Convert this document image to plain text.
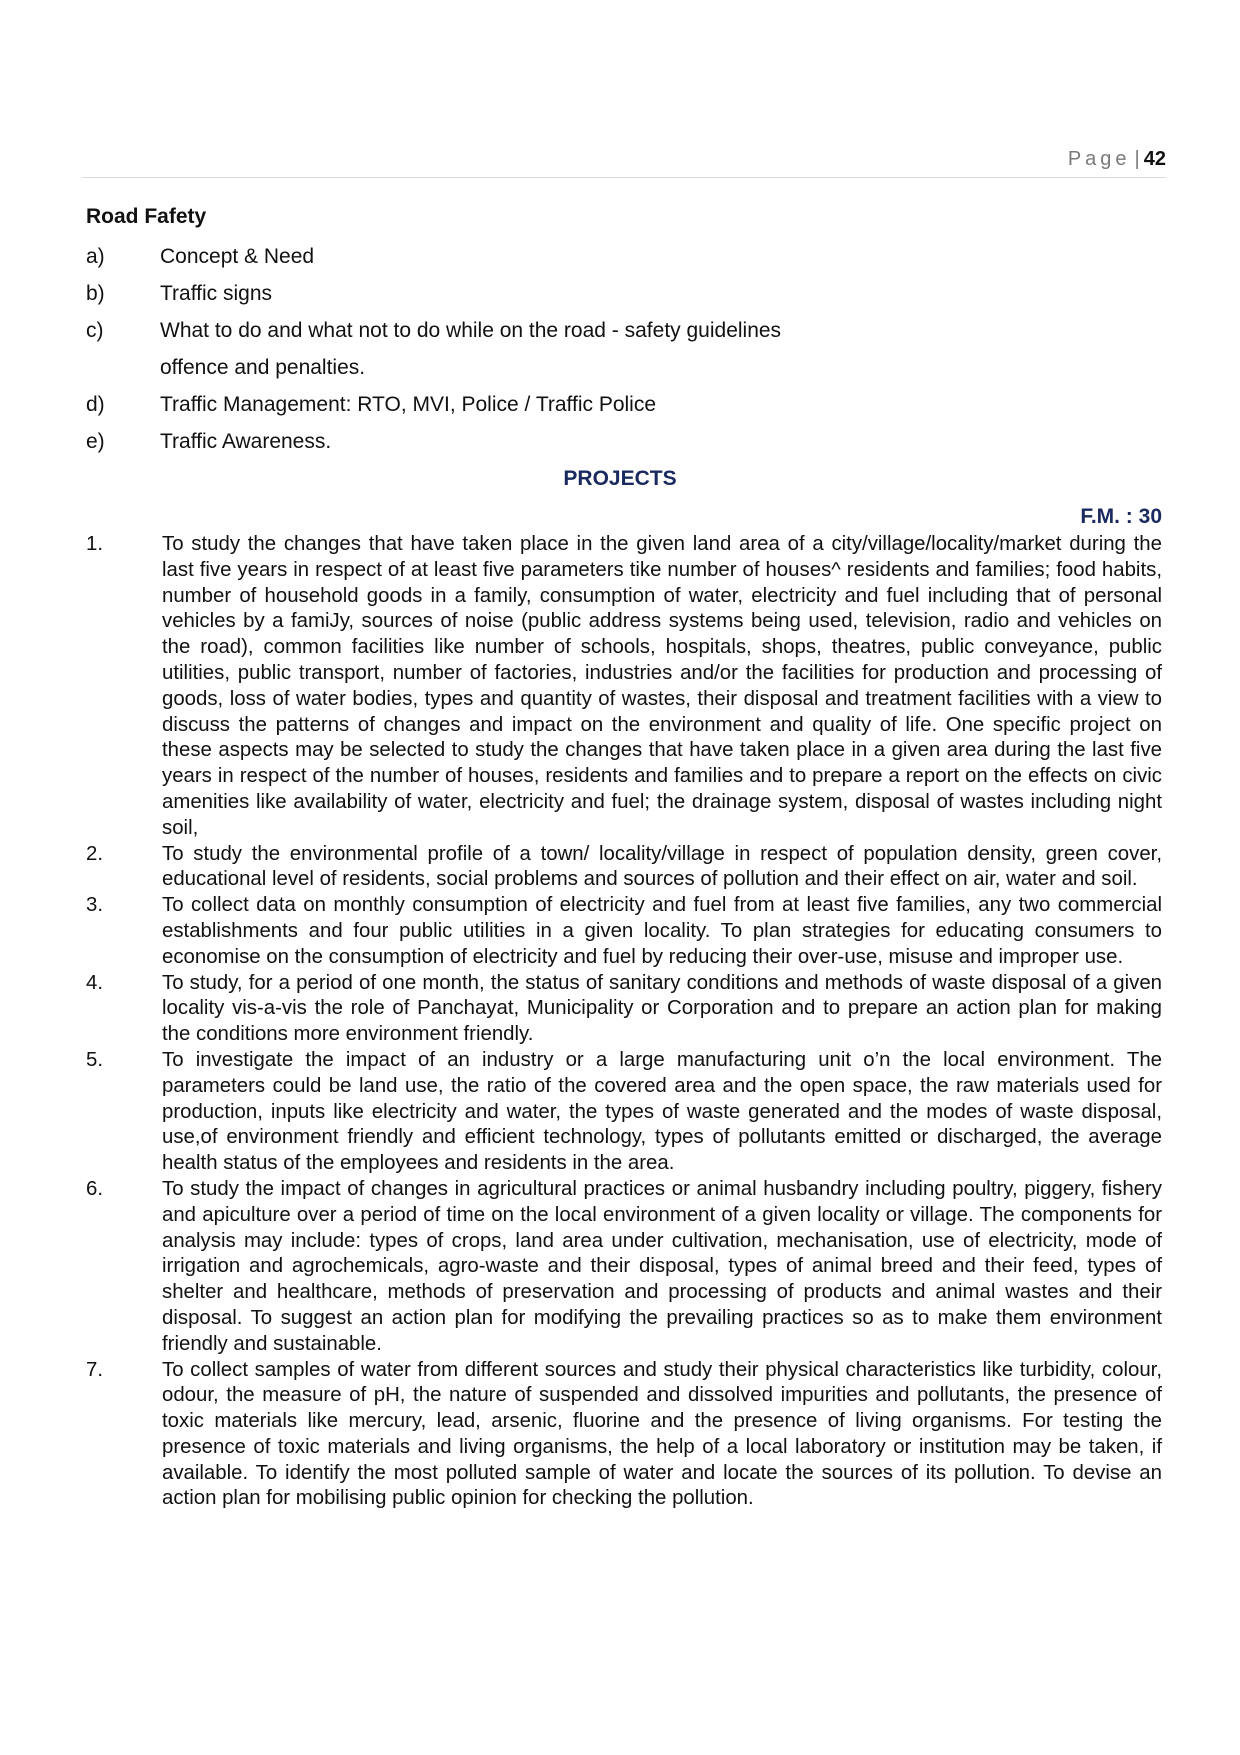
Page | 42
Road Fafety
a)	Concept & Need
b)	Traffic signs
c)	What to do and what not to do while on the road - safety guidelines
offence and penalties.
d)	Traffic Management: RTO, MVI, Police / Traffic Police
e)	Traffic Awareness.
PROJECTS
F.M. : 30
1.	To study the changes that have taken place in the given land area of a city/village/locality/market during the last five years in respect of at least five parameters tike number of houses^ residents and families; food habits, number of household goods in a family, consumption of water, electricity and fuel including that of personal vehicles by a famiJy, sources of noise (public address systems being used, television, radio and vehicles on the road), common facilities like number of schools, hospitals, shops, theatres, public conveyance, public utilities, public transport, number of factories, industries and/or the facilities for production and processing of goods, loss of water bodies, types and quantity of wastes, their disposal and treatment facilities with a view to discuss the patterns of changes and impact on the environment and quality of life. One specific project on these aspects may be selected to study the changes that have taken place in a given area during the last five years in respect of the number of houses, residents and families and to prepare a report on the effects on civic amenities like availability of water, electricity and fuel; the drainage system, disposal of wastes including night soil,
2.	To study the environmental profile of a town/ locality/village in respect of population density, green cover, educational level of residents, social problems and sources of pollution and their effect on air, water and soil.
3.	To collect data on monthly consumption of electricity and fuel from at least five families, any two commercial establishments and four public utilities in a given locality. To plan strategies for educating consumers to economise on the consumption of electricity and fuel by reducing their over-use, misuse and improper use.
4.	To study, for a period of one month, the status of sanitary conditions and methods of waste disposal of a given locality vis-a-vis the role of Panchayat, Municipality or Corporation and to prepare an action plan for making the conditions more environment friendly.
5.	To investigate the impact of an industry or a large manufacturing unit o’n the local environment. The parameters could be land use, the ratio of the covered area and the open space, the raw materials used for production, inputs like electricity and water, the types of waste generated and the modes of waste disposal, use,of environment friendly and efficient technology, types of pollutants emitted or discharged, the average health status of the employees and residents in the area.
6.	To study the impact of changes in agricultural practices or animal husbandry including poultry, piggery, fishery and apiculture over a period of time on the local environment of a given locality or village. The components for analysis may include: types of crops, land area under cultivation, mechanisation, use of electricity, mode of irrigation and agrochemicals, agro-waste and their disposal, types of animal breed and their feed, types of shelter and healthcare, methods of preservation and processing of products and animal wastes and their disposal. To suggest an action plan for modifying the prevailing practices so as to make them environment friendly and sustainable.
7.	To collect samples of water from different sources and study their physical characteristics like turbidity, colour, odour, the measure of pH, the nature of suspended and dissolved impurities and pollutants, the presence of toxic materials like mercury, lead, arsenic, fluorine and the presence of living organisms. For testing the presence of toxic materials and living organisms, the help of a local laboratory or institution may be taken, if available. To identify the most polluted sample of water and locate the sources of its pollution. To devise an action plan for mobilising public opinion for checking the pollution.
